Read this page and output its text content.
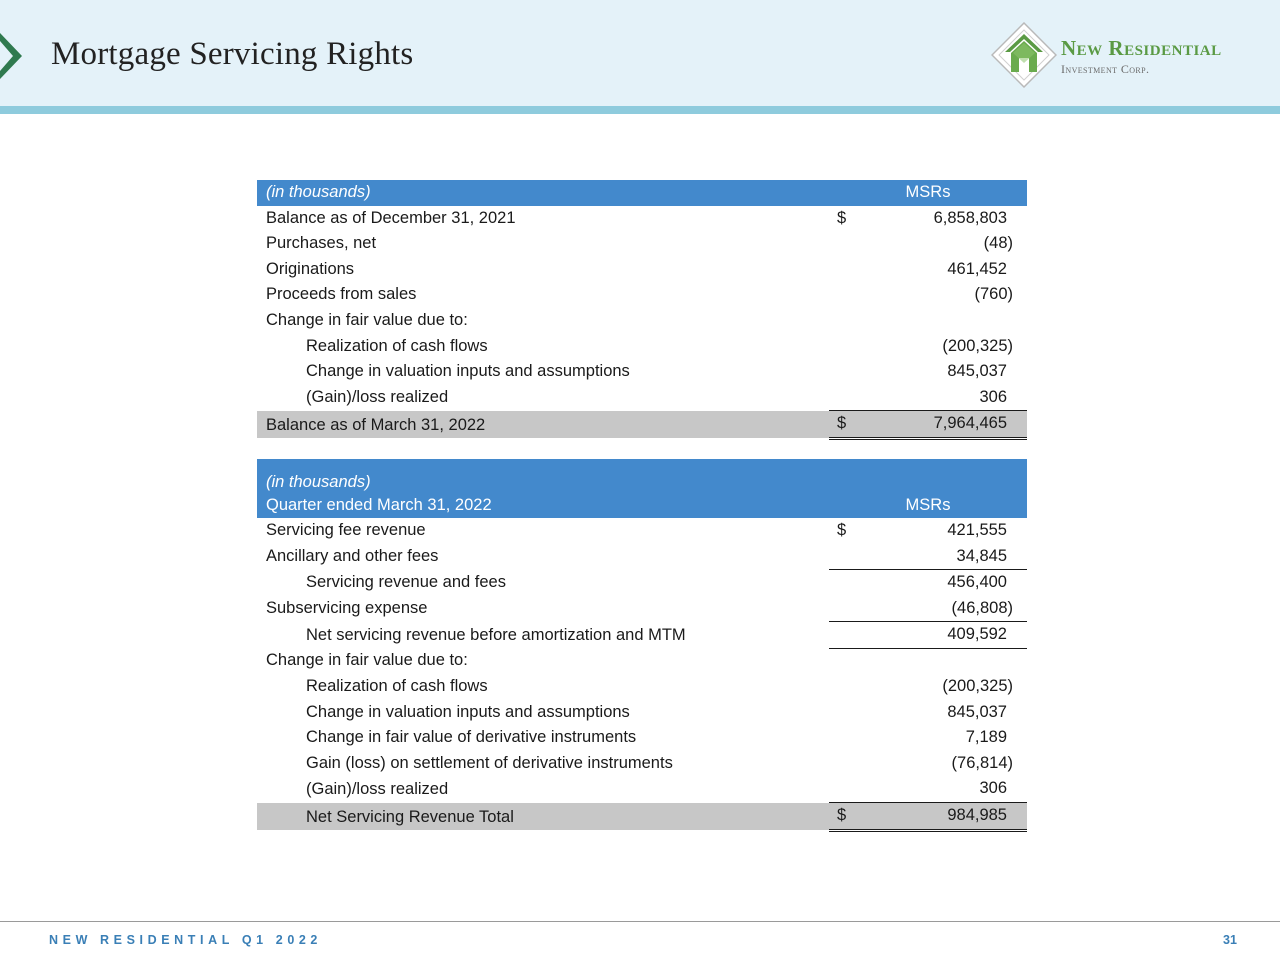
Mortgage Servicing Rights	New Residential
Investment Corp.
(in thousands)	MSRs	
Balance as of December 31, 2021	$	6,858,803
Purchases, net		(48)
Originations		461,452
Proceeds from sales		(760)
Change in fair value due to:		
Realization of cash flows		(200,325)
Change in valuation inputs and assumptions		845,037
(Gain)/loss realized		306
Balance as of March 31, 2022	$	7,964,465
(in thousands)
Quarter ended March 31, 2022	MSRs	
Servicing fee revenue	$	421,555
Ancillary and other fees		34,845
Servicing revenue and fees		456,400
Subservicing expense		(46,808)
Net servicing revenue before amortization and MTM		409,592
Change in fair value due to:		
Realization of cash flows		(200,325)
Change in valuation inputs and assumptions		845,037
Change in fair value of derivative instruments		7,189
Gain (loss) on settlement of derivative instruments		(76,814)
(Gain)/loss realized		306
Net Servicing Revenue Total	$	984,985
NEW RESIDENTIAL Q1 2022	31
